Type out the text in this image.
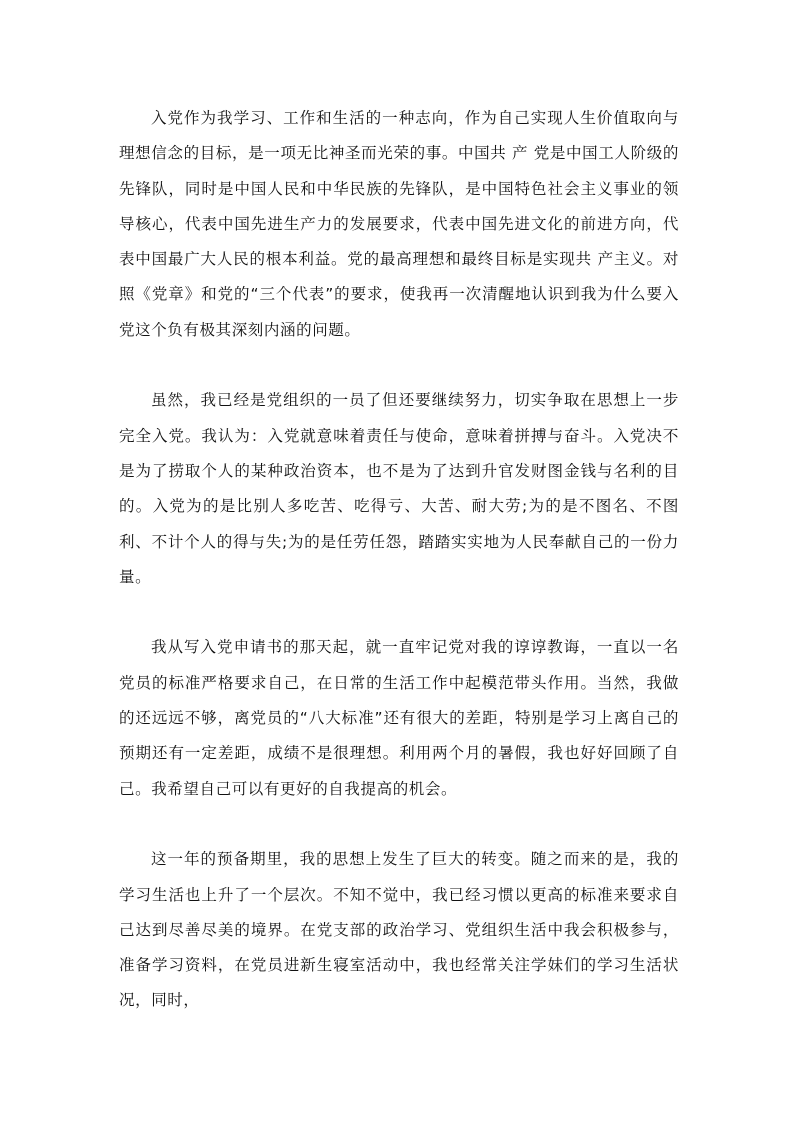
入党作为我学习、工作和生活的一种志向，作为自己实现人生价值取向与理想信念的目标，是一项无比神圣而光荣的事。中国共 产 党是中国工人阶级的先锋队，同时是中国人民和中华民族的先锋队，是中国特色社会主义事业的领导核心，代表中国先进生产力的发展要求，代表中国先进文化的前进方向，代表中国最广大人民的根本利益。党的最高理想和最终目标是实现共 产主义。对照《党章》和党的“三个代表”的要求，使我再一次清醒地认识到我为什么要入党这个负有极其深刻内涵的问题。

虽然，我已经是党组织的一员了但还要继续努力，切实争取在思想上一步完全入党。我认为：入党就意味着责任与使命，意味着拼搏与奋斗。入党决不是为了捞取个人的某种政治资本，也不是为了达到升官发财图金钱与名利的目的。入党为的是比别人多吃苦、吃得亏、大苦、耐大劳;为的是不图名、不图利、不计个人的得与失;为的是任劳任怨，踏踏实实地为人民奉献自己的一份力量。

我从写入党申请书的那天起，就一直牢记党对我的谆谆教诲，一直以一名党员的标准严格要求自己，在日常的生活工作中起模范带头作用。当然，我做的还远远不够，离党员的“八大标准”还有很大的差距，特别是学习上离自己的预期还有一定差距，成绩不是很理想。利用两个月的暑假，我也好好回顾了自己。我希望自己可以有更好的自我提高的机会。

这一年的预备期里，我的思想上发生了巨大的转变。随之而来的是，我的学习生活也上升了一个层次。不知不觉中，我已经习惯以更高的标准来要求自己达到尽善尽美的境界。在党支部的政治学习、党组织生活中我会积极参与，准备学习资料，在党员进新生寝室活动中，我也经常关注学妹们的学习生活状况，同时，
